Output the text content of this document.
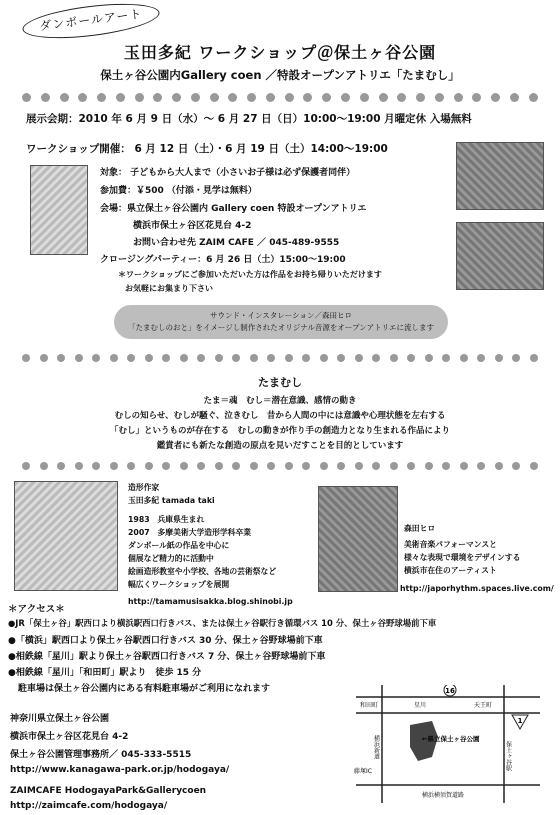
ダンボールアート
玉田多紀 ワークショップ＠保土ヶ谷公園
保土ヶ谷公園内Gallery coen ／特設オープンアトリエ「たまむし」
展示会期：2010 年 6 月 9 日（水）～ 6 月 27 日（日）10:00～19:00 月曜定休 入場無料
ワークショップ開催： 6 月 12 日（土）・6 月 19 日（土）14:00～19:00
対象： 子どもから大人まで（小さいお子様は必ず保護者同伴）
参加費：￥500 （付添・見学は無料）
会場：県立保土ヶ谷公園内 Gallery coen 特設オープンアトリエ
横浜市保土ヶ谷区花見台 4-2
お問い合わせ先 ZAIM CAFE ／ 045-489-9555
クロージングパーティー：6 月 26 日（土）15:00～19:00
＊ワークショップにご参加いただいた方は作品をお持ち帰りいただけます
お気軽にお集まり下さい
サウンド・インスタレーション／森田ヒロ
「たまむしのおと」をイメージし制作されたオリジナル音源をオープンアトリエに流します
たまむし
たま＝魂　むし＝潜在意識、感情の動き
むしの知らせ、むしが騒ぐ、泣きむし　昔から人間の中には意識や心理状態を左右する
「むし」というものが存在する　むしの動きが作り手の創造力となり生まれる作品により
鑑賞者にも新たな創造の原点を見いだすことを目的としています
造形作家
玉田多紀 tamada taki
1983　兵庫県生まれ
2007　多摩美術大学造形学科卒業
ダンボール紙の作品を中心に
個展など精力的に活動中
絵画造形教室や小学校、各地の芸術祭など
幅広くワークショップを展開
http://tamamusisakka.blog.shinobi.jp
森田ヒロ
美術音楽パフォーマンスと
様々な表現で環境をデザインする
横浜市在住のアーティスト
http://japorhythm.spaces.live.com/
＊アクセス＊
●JR「保土ヶ谷」駅西口より横浜駅西口行きバス、または保土ヶ谷駅行き循環バス 10 分、保土ヶ谷野球場前下車
●「横浜」駅西口より保土ヶ谷駅西口行きバス 30 分、保土ヶ谷野球場前下車
●相鉄線「星川」駅より保土ヶ谷駅西口行きバス 7 分、保土ヶ谷野球場前下車
●相鉄線「星川」「和田町」駅より　徒歩 15 分
駐車場は保土ヶ谷公園内にある有料駐車場がご利用になれます
神奈川県立保土ヶ谷公園
横浜市保土ヶ谷区花見台 4-2
保土ヶ谷公園管理事務所／ 045-333-5515
http://www.kanagawa-park.or.jp/hodogaya/
ZAIMCAFE HodogayaPark&Gallerycoen
http://zaimcafe.com/hodogaya/
16
1
和田町	星川	天王町
横浜新道	←県立保土ヶ谷公園
保土ヶ谷駅
藤塚IC
横浜横須賀道路
